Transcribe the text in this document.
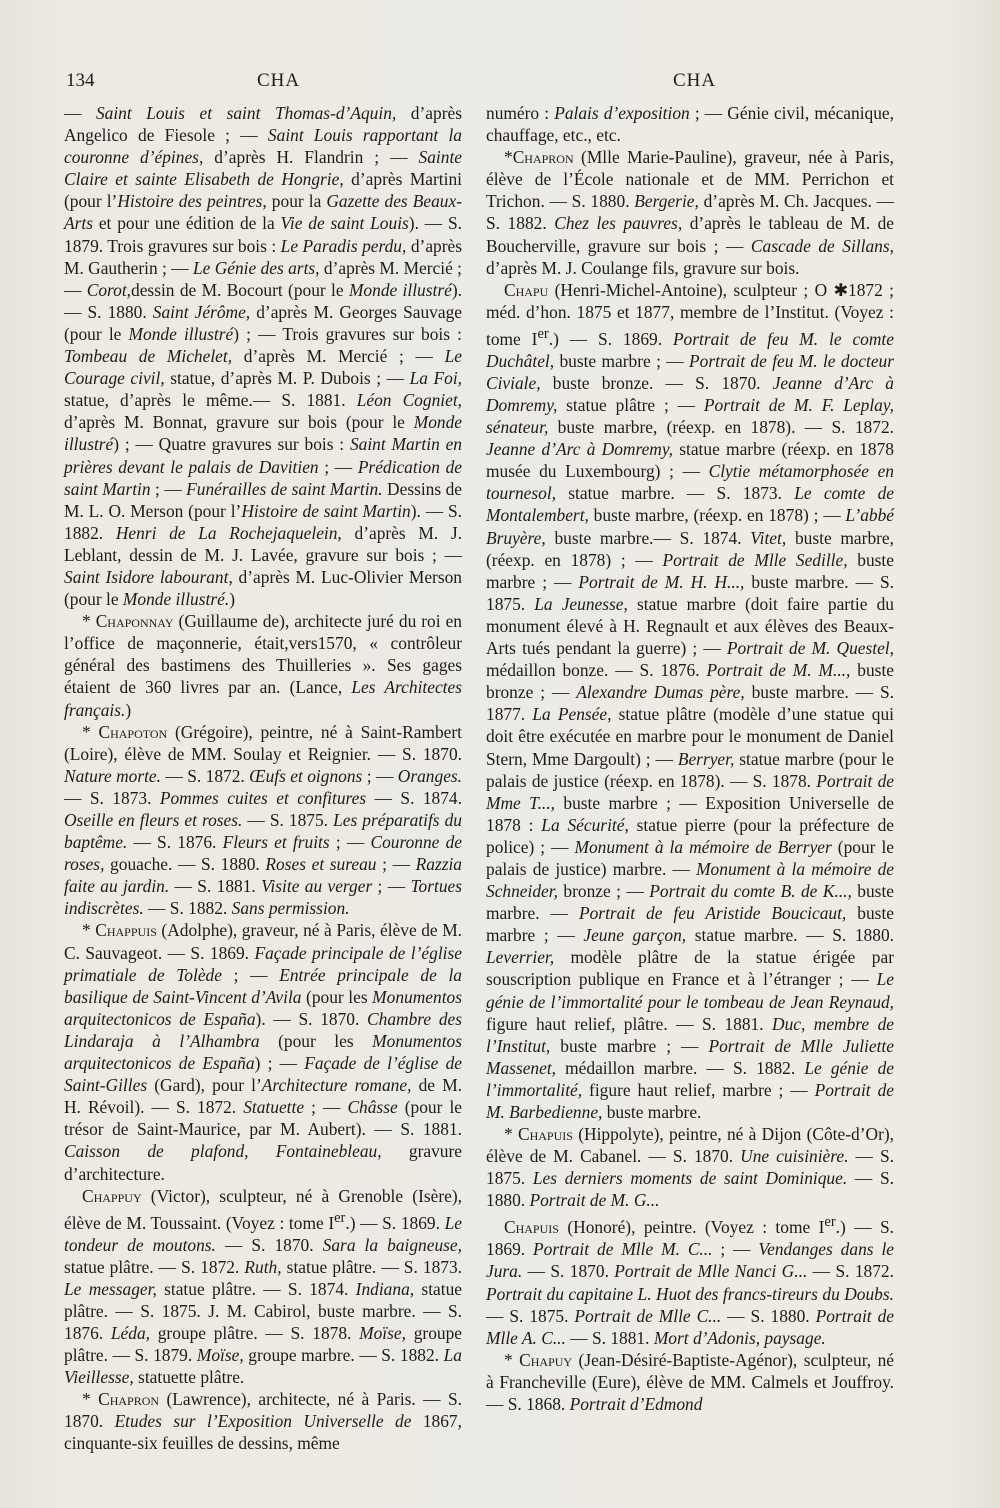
134	CHA	CHA

— Saint Louis et saint Thomas-d’Aquin, d’après Angelico de Fiesole ; — Saint Louis rapportant la couronne d’épines, d’après H. Flandrin ; — Sainte Claire et sainte Elisabeth de Hongrie, d’après Martini (pour l’Histoire des peintres, pour la Gazette des Beaux-Arts et pour une édition de la Vie de saint Louis). — S. 1879. Trois gravures sur bois : Le Paradis perdu, d’après M. Gautherin ; — Le Génie des arts, d’après M. Mercié ; — Corot,dessin de M. Bocourt (pour le Monde illustré). — S. 1880. Saint Jérôme, d’après M. Georges Sauvage (pour le Monde illustré) ; — Trois gravures sur bois : Tombeau de Michelet, d’après M. Mercié ; — Le Courage civil, statue, d’après M. P. Dubois ; — La Foi, statue, d’après le même.— S. 1881. Léon Cogniet, d’après M. Bonnat, gravure sur bois (pour le Monde illustré) ; — Quatre gravures sur bois : Saint Martin en prières devant le palais de Davitien ; — Prédication de saint Martin ; — Funérailles de saint Martin. Dessins de M. L. O. Merson (pour l’Histoire de saint Martin). — S. 1882. Henri de La Rochejaquelein, d’après M. J. Leblant, dessin de M. J. Lavée, gravure sur bois ; — Saint Isidore labourant, d’après M. Luc-Olivier Merson (pour le Monde illustré.)

* Chaponnay (Guillaume de), architecte juré du roi en l’office de maçonnerie, était,vers1570, « contrôleur général des bastimens des Thuilleries ». Ses gages étaient de 360 livres par an. (Lance, Les Architectes français.)

* Chapoton (Grégoire), peintre, né à Saint-Rambert (Loire), élève de MM. Soulay et Reignier. — S. 1870. Nature morte. — S. 1872. Œufs et oignons ; — Oranges. — S. 1873. Pommes cuites et confitures — S. 1874. Oseille en fleurs et roses. — S. 1875. Les préparatifs du baptême. — S. 1876. Fleurs et fruits ; — Couronne de roses, gouache. — S. 1880. Roses et sureau ; — Razzia faite au jardin. — S. 1881. Visite au verger ; — Tortues indiscrètes. — S. 1882. Sans permission.

* Chappuis (Adolphe), graveur, né à Paris, élève de M. C. Sauvageot. — S. 1869. Façade principale de l’église primatiale de Tolède ; — Entrée principale de la basilique de Saint-Vincent d’Avila (pour les Monumentos arquitectonicos de España). — S. 1870. Chambre des Lindaraja à l’Alhambra (pour les Monumentos arquitectonicos de España) ; — Façade de l’église de Saint-Gilles (Gard), pour l’Architecture romane, de M. H. Révoil). — S. 1872. Statuette ; — Châsse (pour le trésor de Saint-Maurice, par M. Aubert). — S. 1881. Caisson de plafond, Fontainebleau, gravure d’architecture.

Chappuy (Victor), sculpteur, né à Grenoble (Isère), élève de M. Toussaint. (Voyez : tome Ier.) — S. 1869. Le tondeur de moutons. — S. 1870. Sara la baigneuse, statue plâtre. — S. 1872. Ruth, statue plâtre. — S. 1873. Le messager, statue plâtre. — S. 1874. Indiana, statue plâtre. — S. 1875. J. M. Cabirol, buste marbre. — S. 1876. Léda, groupe plâtre. — S. 1878. Moïse, groupe plâtre. — S. 1879. Moïse, groupe marbre. — S. 1882. La Vieillesse, statuette plâtre.

* Chapron (Lawrence), architecte, né à Paris. — S. 1870. Etudes sur l’Exposition Universelle de 1867, cinquante-six feuilles de dessins, même

numéro : Palais d’exposition ; — Génie civil, mécanique, chauffage, etc., etc.

*Chapron (Mlle Marie-Pauline), graveur, née à Paris, élève de l’École nationale et de MM. Perrichon et Trichon. — S. 1880. Bergerie, d’après M. Ch. Jacques. — S. 1882. Chez les pauvres, d’après le tableau de M. de Boucherville, gravure sur bois ; — Cascade de Sillans, d’après M. J. Coulange fils, gravure sur bois.

Chapu (Henri-Michel-Antoine), sculpteur ; O ✱1872 ; méd. d’hon. 1875 et 1877, membre de l’Institut. (Voyez : tome Ier.) — S. 1869. Portrait de feu M. le comte Duchâtel, buste marbre ; — Portrait de feu M. le docteur Civiale, buste bronze. — S. 1870. Jeanne d’Arc à Domremy, statue plâtre ; — Portrait de M. F. Leplay, sénateur, buste marbre, (réexp. en 1878). — S. 1872. Jeanne d’Arc à Domremy, statue marbre (réexp. en 1878 musée du Luxembourg) ; — Clytie métamorphosée en tournesol, statue marbre. — S. 1873. Le comte de Montalembert, buste marbre, (réexp. en 1878) ; — L’abbé Bruyère, buste marbre.— S. 1874. Vitet, buste marbre, (réexp. en 1878) ; — Portrait de Mlle Sedille, buste marbre ; — Portrait de M. H. H..., buste marbre. — S. 1875. La Jeunesse, statue marbre (doit faire partie du monument élevé à H. Regnault et aux élèves des Beaux-Arts tués pendant la guerre) ; — Portrait de M. Questel, médaillon bonze. — S. 1876. Portrait de M. M..., buste bronze ; — Alexandre Dumas père, buste marbre. — S. 1877. La Pensée, statue plâtre (modèle d’une statue qui doit être exécutée en marbre pour le monument de Daniel Stern, Mme Dargoult) ; — Berryer, statue marbre (pour le palais de justice (réexp. en 1878). — S. 1878. Portrait de Mme T..., buste marbre ; — Exposition Universelle de 1878 : La Sécurité, statue pierre (pour la préfecture de police) ; — Monument à la mémoire de Berryer (pour le palais de justice) marbre. — Monument à la mémoire de Schneider, bronze ; — Portrait du comte B. de K..., buste marbre. — Portrait de feu Aristide Boucicaut, buste marbre ; — Jeune garçon, statue marbre. — S. 1880. Leverrier, modèle plâtre de la statue érigée par souscription publique en France et à l’étranger ; — Le génie de l’immortalité pour le tombeau de Jean Reynaud, figure haut relief, plâtre. — S. 1881. Duc, membre de l’Institut, buste marbre ; — Portrait de Mlle Juliette Massenet, médaillon marbre. — S. 1882. Le génie de l’immortalité, figure haut relief, marbre ; — Portrait de M. Barbedienne, buste marbre.

* Chapuis (Hippolyte), peintre, né à Dijon (Côte-d’Or), élève de M. Cabanel. — S. 1870. Une cuisinière. — S. 1875. Les derniers moments de saint Dominique. — S. 1880. Portrait de M. G...

Chapuis (Honoré), peintre. (Voyez : tome Ier.) — S. 1869. Portrait de Mlle M. C... ; — Vendanges dans le Jura. — S. 1870. Portrait de Mlle Nanci G... — S. 1872. Portrait du capitaine L. Huot des francs-tireurs du Doubs. — S. 1875. Portrait de Mlle C... — S. 1880. Portrait de Mlle A. C... — S. 1881. Mort d’Adonis, paysage.

* Chapuy (Jean-Désiré-Baptiste-Agénor), sculpteur, né à Francheville (Eure), élève de MM. Calmels et Jouffroy. — S. 1868. Portrait d’Edmond
